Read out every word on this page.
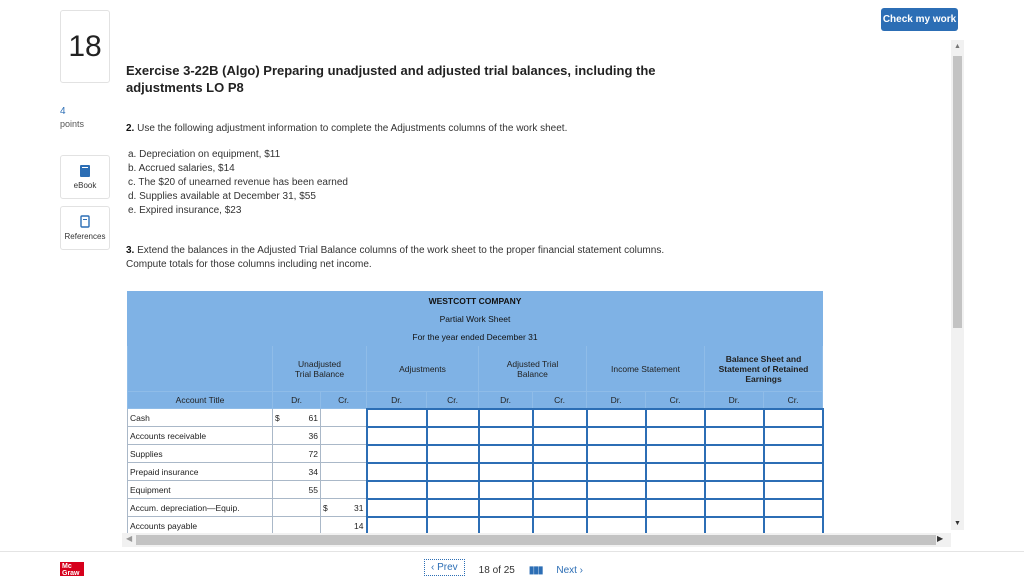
Check my work
18
4
points
eBook
References
Exercise 3-22B (Algo) Preparing unadjusted and adjusted trial balances, including the adjustments LO P8
2. Use the following adjustment information to complete the Adjustments columns of the work sheet.
a. Depreciation on equipment, $11
b. Accrued salaries, $14
c. The $20 of unearned revenue has been earned
d. Supplies available at December 31, $55
e. Expired insurance, $23
3. Extend the balances in the Adjusted Trial Balance columns of the work sheet to the proper financial statement columns. Compute totals for those columns including net income.
WESTCOTT COMPANY										
Partial Work Sheet										
For the year ended December 31										
	Unadjusted Trial Balance		Adjustments		Adjusted Trial Balance		Income Statement		Balance Sheet and Statement of Retained Earnings	
Account Title	Dr.	Cr.	Dr.	Cr.	Dr.	Cr.	Dr.	Cr.	Dr.	Cr.
Cash	$ 61									

Accounts receivable	36									

Supplies	72									

Prepaid insurance	34									

Equipment	55									

Accum. depreciation—Equip.		$ 31								

Accounts payable		14								

▲
▼
◀	▶
Mc Graw
‹ Prev	18 of 25 ▮▮▮ Next ›
